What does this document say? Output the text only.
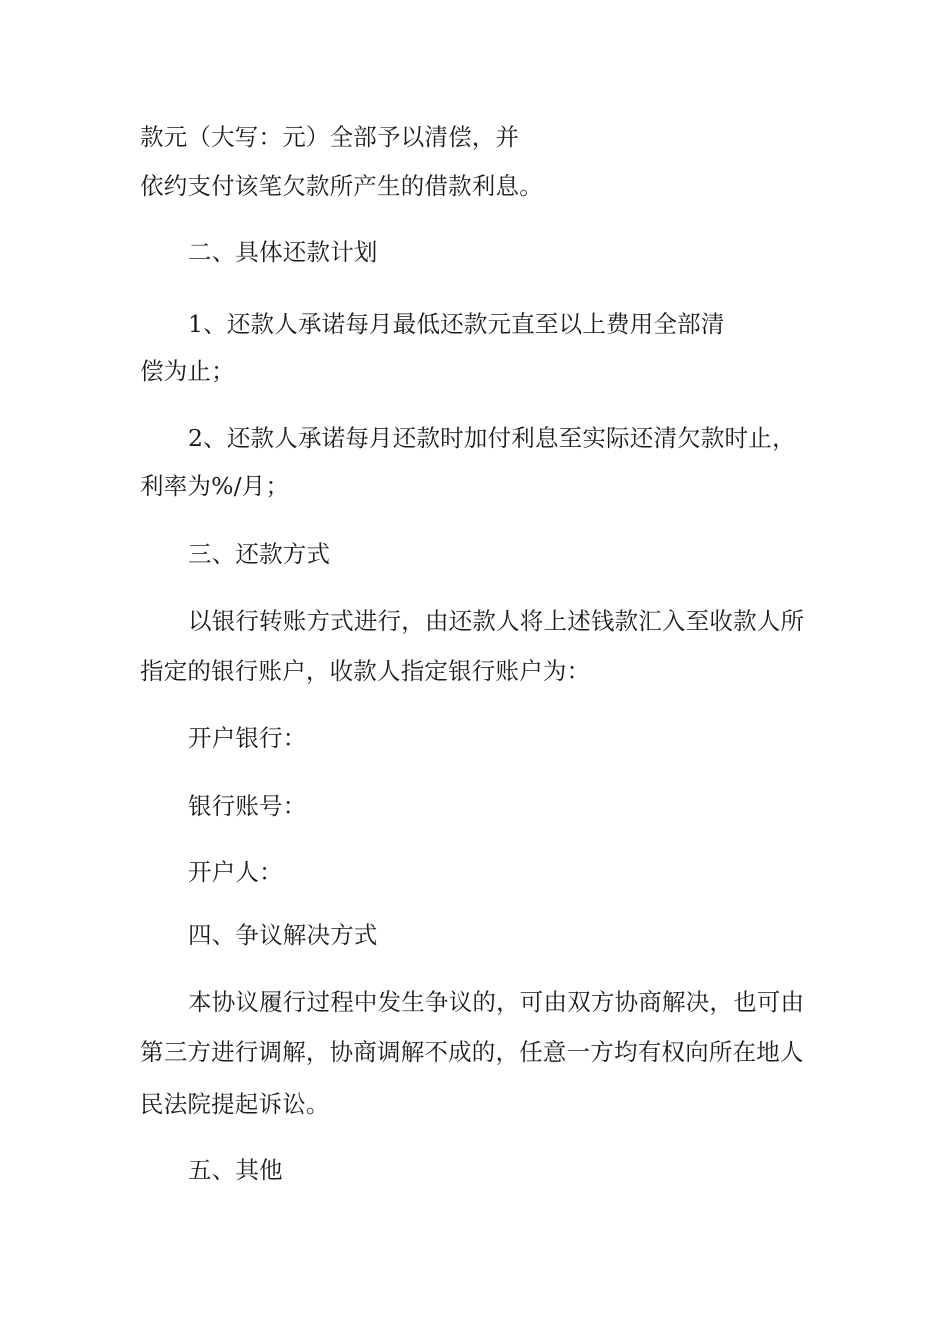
款元（大写：元）全部予以清偿，并
依约支付该笔欠款所产生的借款利息。
二、具体还款计划
1、还款人承诺每月最低还款元直至以上费用全部清
偿为止；
2、还款人承诺每月还款时加付利息至实际还清欠款时止，
利率为%/月；
三、还款方式
以银行转账方式进行，由还款人将上述钱款汇入至收款人所
指定的银行账户，收款人指定银行账户为：
开户银行：
银行账号：
开户人：
四、争议解决方式
本协议履行过程中发生争议的，可由双方协商解决，也可由
第三方进行调解，协商调解不成的，任意一方均有权向所在地人
民法院提起诉讼。
五、其他
